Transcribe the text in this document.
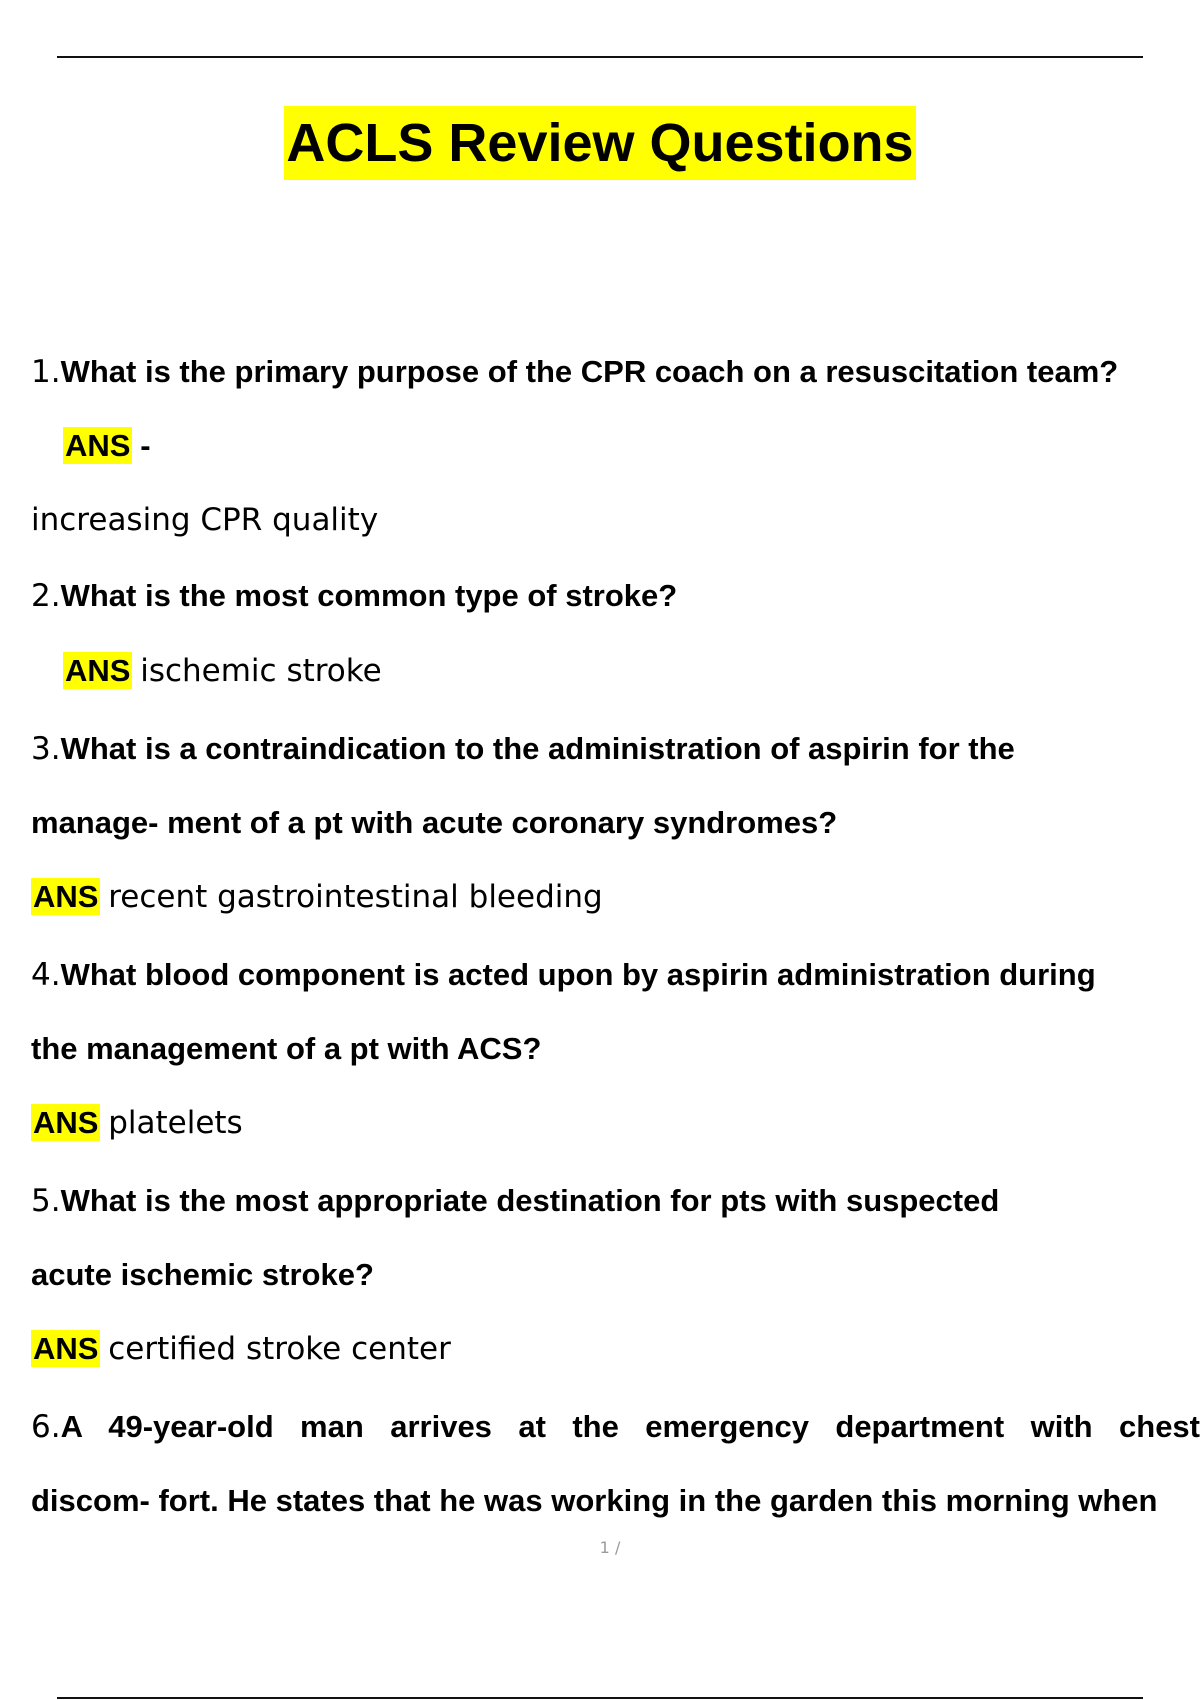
ACLS Review Questions
1.What is the primary purpose of the CPR coach on a resuscitation team?
ANS -
increasing CPR quality
2.What is the most common type of stroke?
ANS ischemic stroke
3.What is a contraindication to the administration of aspirin for the
manage- ment of a pt with acute coronary syndromes?
ANS recent gastrointestinal bleeding
4.What blood component is acted upon by aspirin administration during
the management of a pt with ACS?
ANS platelets
5.What is the most appropriate destination for pts with suspected
acute ischemic stroke?
ANS certified stroke center
6.A 49-year-old man arrives at the emergency department with chest
discom- fort. He states that he was working in the garden this morning when
1 /
